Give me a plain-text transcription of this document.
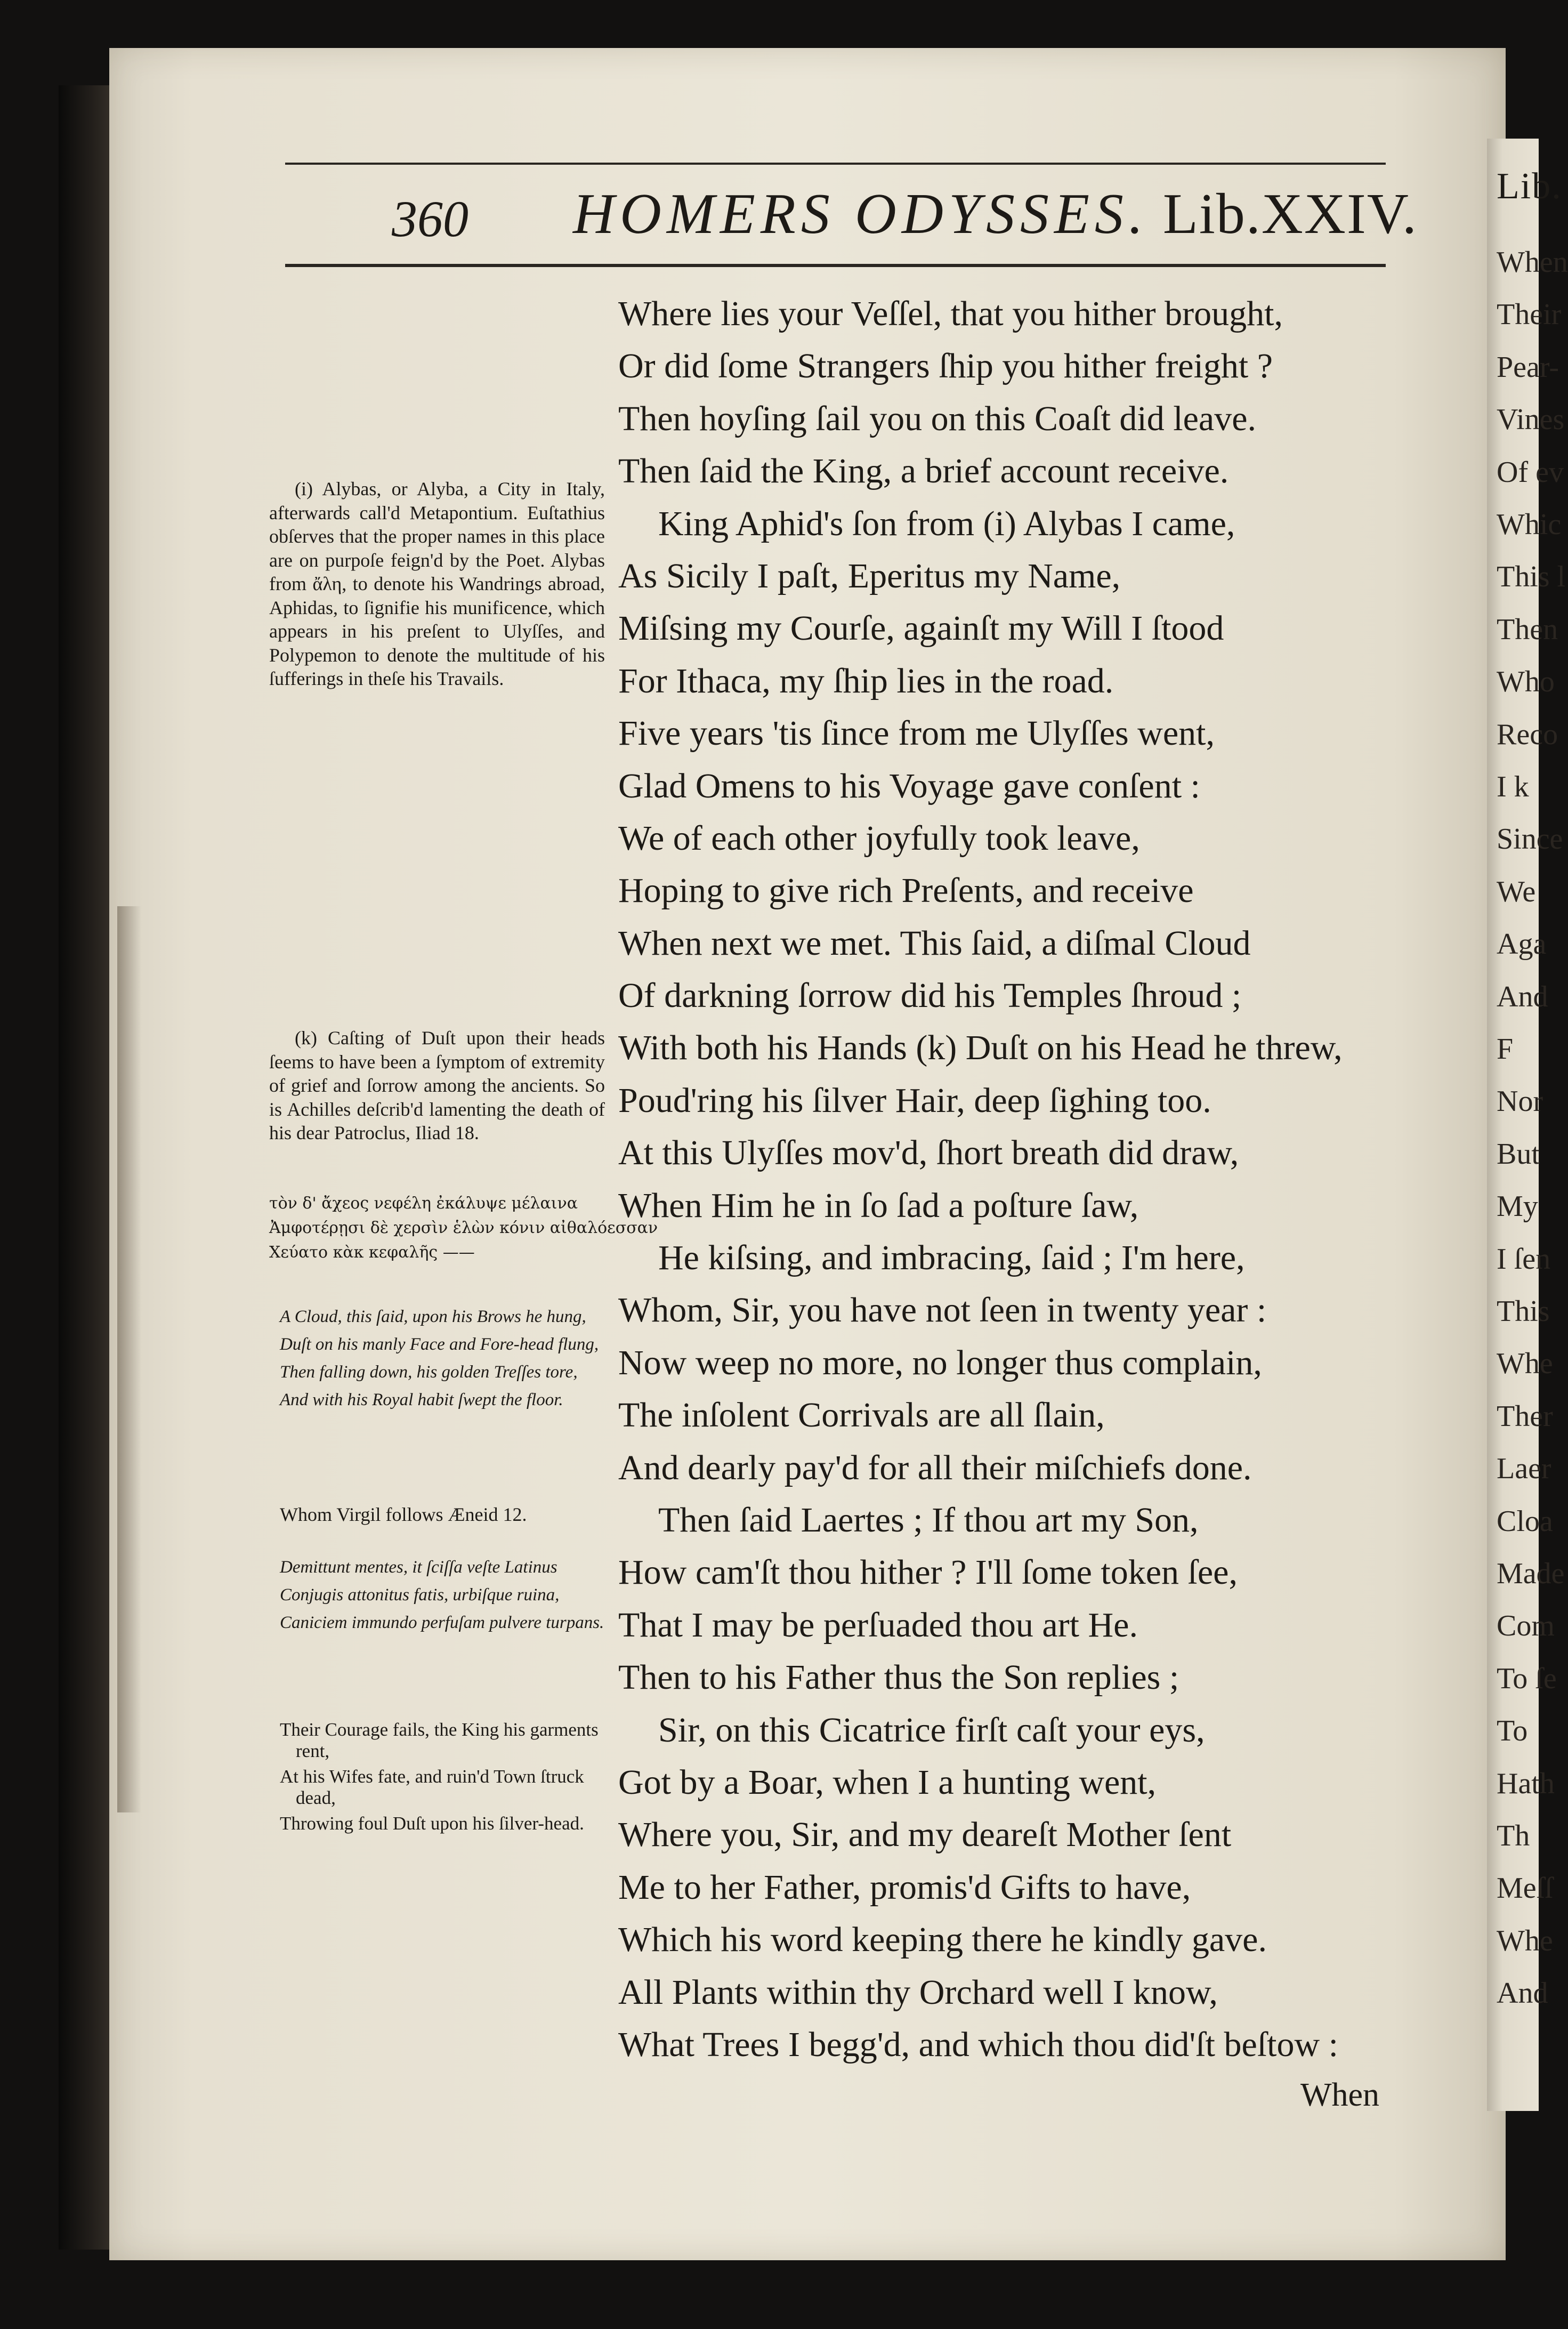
Lib.
When
Their
Pear-
Vines
Of ev
Whic
This l
Then
Who
Reco
I k
Since
We
Aga
And
F
Nor
But
My
I ſen
This
Whe
Ther
Laer
Cloa
Made
Com
To ſe
To
Hath
Th
Meſſ
Whe
And
360 HOMERS ODYSSES. Lib.XXIV.
Where lies your Veſſel, that you hither brought,
Or did ſome Strangers ſhip you hither freight ?
Then hoyſing ſail you on this Coaſt did leave.
Then ſaid the King, a brief account receive.
King Aphid's ſon from (i) Alybas I came,
As Sicily I paſt, Eperitus my Name,
Miſsing my Courſe, againſt my Will I ſtood
For Ithaca, my ſhip lies in the road.
Five years 'tis ſince from me Ulyſſes went,
Glad Omens to his Voyage gave conſent :
We of each other joyfully took leave,
Hoping to give rich Preſents, and receive
When next we met. This ſaid, a diſmal Cloud
Of darkning ſorrow did his Temples ſhroud ;
With both his Hands (k) Duſt on his Head he threw,
Poud'ring his ſilver Hair, deep ſighing too.
At this Ulyſſes mov'd, ſhort breath did draw,
When Him he in ſo ſad a poſture ſaw,
He kiſsing, and imbracing, ſaid ; I'm here,
Whom, Sir, you have not ſeen in twenty year :
Now weep no more, no longer thus complain,
The inſolent Corrivals are all ſlain,
And dearly pay'd for all their miſchiefs done.
Then ſaid Laertes ; If thou art my Son,
How cam'ſt thou hither ? I'll ſome token ſee,
That I may be perſuaded thou art He.
Then to his Father thus the Son replies ;
Sir, on this Cicatrice firſt caſt your eys,
Got by a Boar, when I a hunting went,
Where you, Sir, and my deareſt Mother ſent
Me to her Father, promis'd Gifts to have,
Which his word keeping there he kindly gave.
All Plants within thy Orchard well I know,
What Trees I begg'd, and which thou did'ſt beſtow :
When

(i) Alybas, or Alyba, a City in Italy, afterwards call'd Metapontium. Euſtathius obſerves that the proper names in this place are on purpoſe feign'd by the Poet. Alybas from ἄλη, to denote his Wandrings abroad, Aphidas, to ſignifie his munificence, which appears in his preſent to Ulyſſes, and Polypemon to denote the multitude of his ſufferings in theſe his Travails.

(k) Caſting of Duſt upon their heads ſeems to have been a ſymptom of extremity of grief and ſorrow among the ancients. So is Achilles deſcrib'd lamenting the death of his dear Patroclus, Iliad 18.

τὸν δ' ἄχεος νεφέλη ἐκάλυψε μέλαινα
Ἀμφοτέρῃσι δὲ χερσὶν ἑλὼν κόνιν αἰθαλόεσσαν
Χεύατο κὰκ κεφαλῆς ——
A Cloud, this ſaid, upon his Brows he hung,
Duſt on his manly Face and Fore-head flung,
Then falling down, his golden Treſſes tore,
And with his Royal habit ſwept the floor.
Whom Virgil follows Æneid 12.
Demittunt mentes, it ſciſſa veſte Latinus
Conjugis attonitus fatis, urbiſque ruina,
Caniciem immundo perfuſam pulvere turpans.
Their Courage fails, the King his garments rent,
At his Wifes fate, and ruin'd Town ſtruck dead,
Throwing foul Duſt upon his ſilver-head.
